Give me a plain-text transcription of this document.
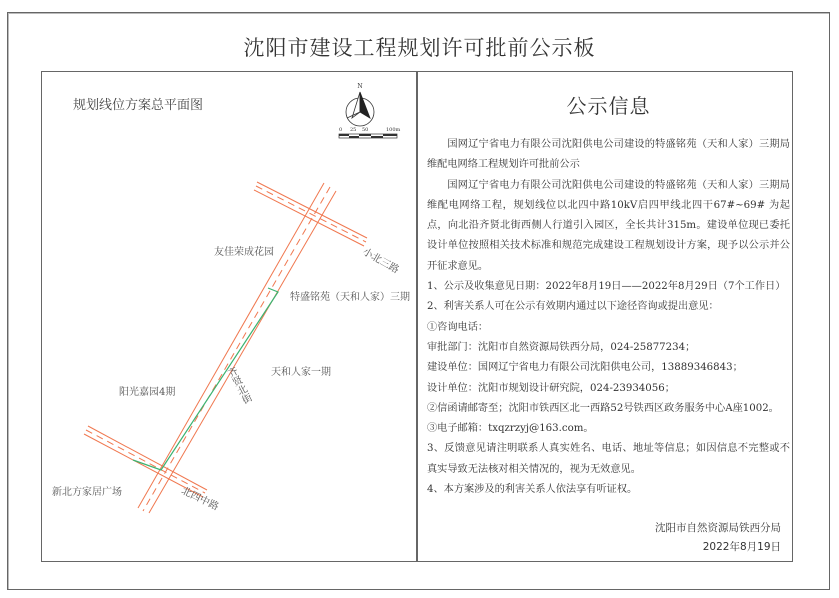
沈阳市建设工程规划许可批前公示板
规划线位方案总平面图
N
0 25 50	100m
友佳荣成花园
特盛铭苑（天和人家）三期
天和人家一期
阳光嘉园4期
新北方家居广场
小北三路
北四中路
齐贤北街
公示信息

国网辽宁省电力有限公司沈阳供电公司建设的特盛铭苑（天和人家）三期局维配电网络工程规划许可批前公示

国网辽宁省电力有限公司沈阳供电公司建设的特盛铭苑（天和人家）三期局维配电网络工程，规划线位以北四中路10kV启四甲线北四干67#~69# 为起点，向北沿齐贤北街西侧人行道引入园区，全长共计315m。建设单位现已委托设计单位按照相关技术标准和规范完成建设工程规划设计方案，现予以公示并公开征求意见。

1、公示及收集意见日期：2022年8月19日——2022年8月29日（7个工作日）

2、利害关系人可在公示有效期内通过以下途径咨询或提出意见：

①咨询电话：

审批部门：沈阳市自然资源局铁西分局，024-25877234；

建设单位：国网辽宁省电力有限公司沈阳供电公司，13889346843；

设计单位：沈阳市规划设计研究院，024-23934056；

②信函请邮寄至；沈阳市铁西区北一西路52号铁西区政务服务中心A座1002。

③电子邮箱：txqzrzyj@163.com。

3、反馈意见请注明联系人真实姓名、电话、地址等信息；如因信息不完整或不真实导致无法核对相关情况的，视为无效意见。

4、本方案涉及的利害关系人依法享有听证权。

沈阳市自然资源局铁西分局
2022年8月19日
